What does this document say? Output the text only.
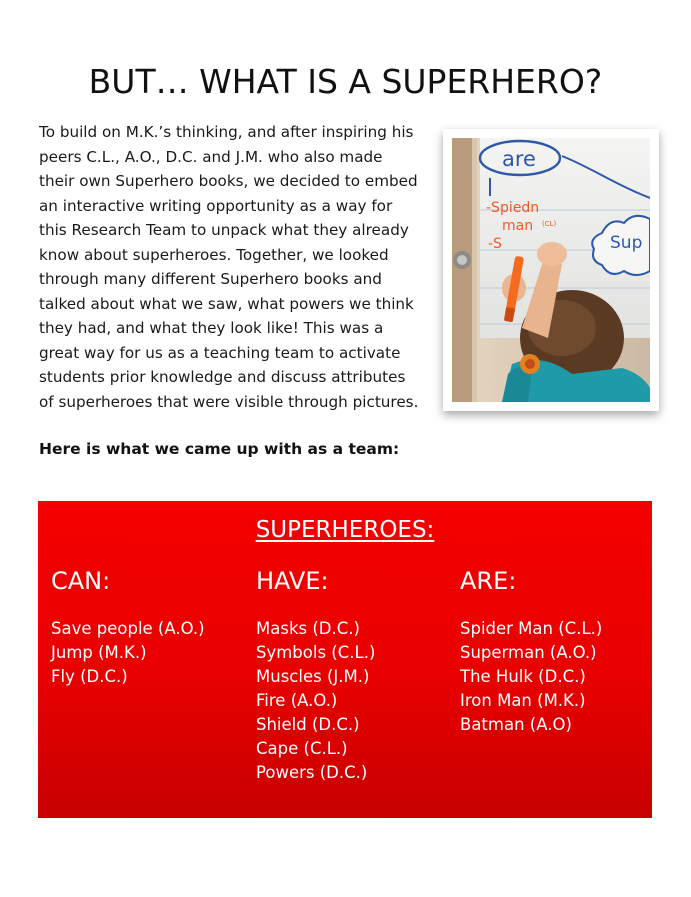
BUT… WHAT IS A SUPERHERO?

To build on M.K.’s thinking, and after inspiring his peers C.L., A.O., D.C. and J.M. who also made their own Superhero books, we decided to embed an interactive writing opportunity as a way for this Research Team to unpack what they already know about superheroes. Together, we looked through many different Superhero books and talked about what we saw, what powers we think they had, and what they look like! This was a great way for us as a teaching team to activate students prior knowledge and discuss attributes of superheroes that were visible through pictures.

are
Sup
-Spiedn
man (CL)
-S

Here is what we came up with as a team:

SUPERHEROES:
CAN:
Save people (A.O.)
Jump (M.K.)
Fly (D.C.)
HAVE:
Masks (D.C.)
Symbols (C.L.)
Muscles (J.M.)
Fire (A.O.)
Shield (D.C.)
Cape (C.L.)
Powers (D.C.)
ARE:
Spider Man (C.L.)
Superman (A.O.)
The Hulk (D.C.)
Iron Man (M.K.)
Batman (A.O)
